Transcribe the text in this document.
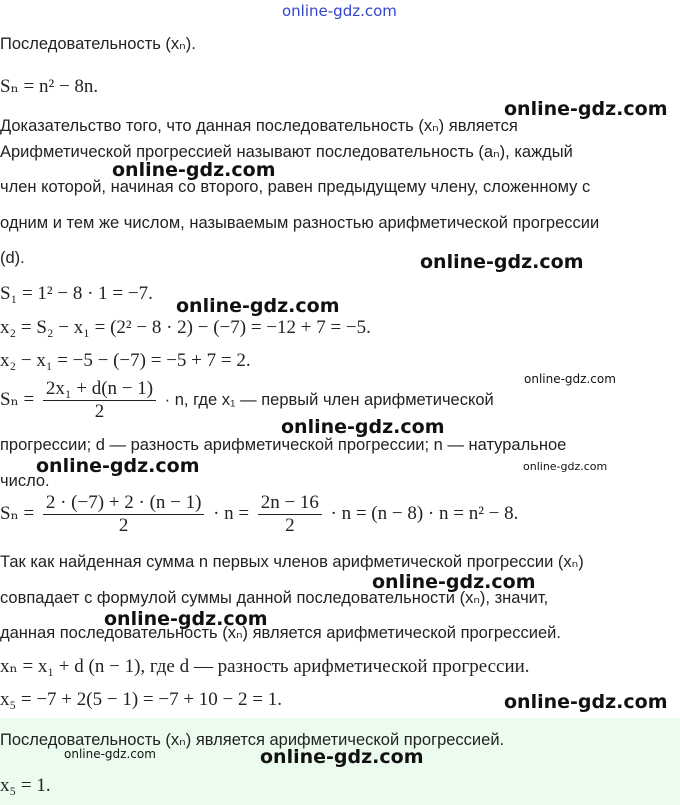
online-gdz.com
Последовательность (xₙ).
Sₙ = n² − 8n.
Доказательство того, что данная последовательность (xₙ) является
Арифметической прогрессией называют последовательность (aₙ), каждый
член которой, начиная со второго, равен предыдущему члену, сложенному с
одним и тем же числом, называемым разностью арифметической прогрессии
(d).
S₁ = 1² − 8 · 1 = −7.
x₂ = S₂ − x₁ = (2² − 8 · 2) − (−7) = −12 + 7 = −5.
x₂ − x₁ = −5 − (−7) = −5 + 7 = 2.
$S_n = \frac{\text{2x₁ + d(n − 1)}}{2} \cdot n$, где x₁ — первый член арифметической
прогрессии; d — разность арифметической прогрессии; n — натуральное
число.
$S_n = \frac{2 \cdot (-7) + 2 \cdot (n - 1)}{2} \cdot n = \frac{2n - 16}{2} \cdot n = (n - 8) \cdot n = n^2 - 8$.
Так как найденная сумма n первых членов арифметической прогрессии (xₙ)
совпадает с формулой суммы данной последовательности (xₙ), значит,
данная последовательность (xₙ) является арифметической прогрессией.
xₙ = x₁ + d (n − 1), где d — разность арифметической прогрессии.
x₅ = −7 + 2(5 − 1) = −7 + 10 − 2 = 1.
Последовательность (xₙ) является арифметической прогрессией.
x₅ = 1.
online-gdz.com
online-gdz.com
online-gdz.com
online-gdz.com
online-gdz.com
online-gdz.com
online-gdz.com	online-gdz.com
online-gdz.com
online-gdz.com
online-gdz.com
online-gdz.com	online-gdz.com
